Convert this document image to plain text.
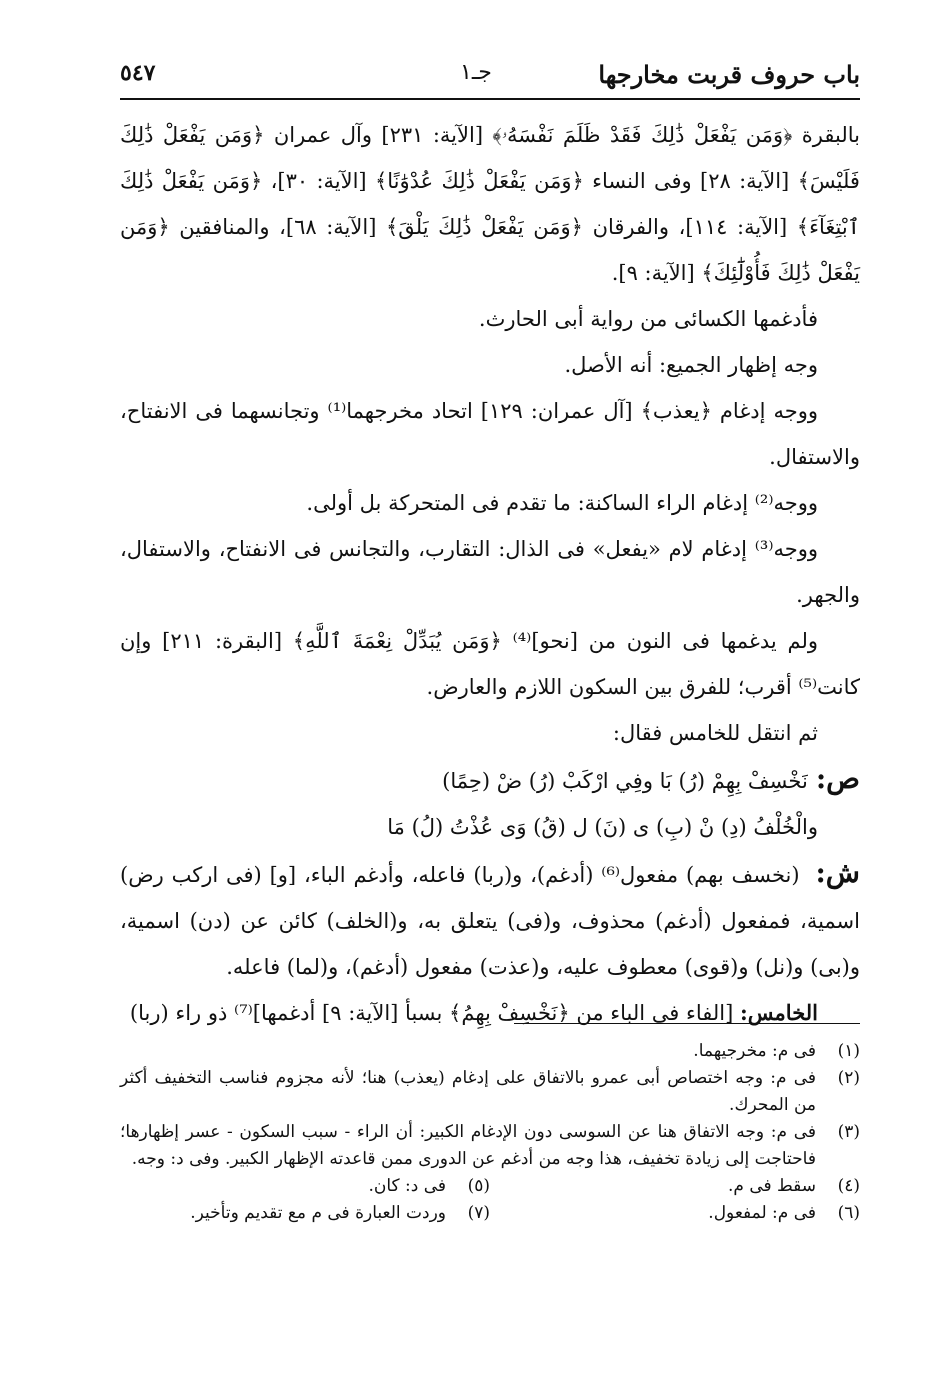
باب حروف قربت مخارجها
جـ١
٥٤٧

بالبقرة ﴿وَمَن يَفْعَلْ ذَٰلِكَ فَقَدْ ظَلَمَ نَفْسَهُۥ﴾ [الآية: ٢٣١] وآل عمران ﴿وَمَن يَفْعَلْ ذَٰلِكَ فَلَيْسَ﴾ [الآية: ٢٨] وفى النساء ﴿وَمَن يَفْعَلْ ذَٰلِكَ عُدْوَٰنًا﴾ [الآية: ٣٠]، ﴿وَمَن يَفْعَلْ ذَٰلِكَ ٱبْتِغَآءَ﴾ [الآية: ١١٤]، والفرقان ﴿وَمَن يَفْعَلْ ذَٰلِكَ يَلْقَ﴾ [الآية: ٦٨]، والمنافقين ﴿وَمَن يَفْعَلْ ذَٰلِكَ فَأُوْلَٰٓئِكَ﴾ [الآية: ٩].

فأدغمها الكسائى من رواية أبى الحارث.

وجه إظهار الجميع: أنه الأصل.

ووجه إدغام ﴿يعذب﴾ [آل عمران: ١٢٩] اتحاد مخرجهما⁽¹⁾ وتجانسهما فى الانفتاح، والاستفال.

ووجه⁽²⁾ إدغام الراء الساكنة: ما تقدم فى المتحركة بل أولى.

ووجه⁽³⁾ إدغام لام «يفعل» فى الذال: التقارب، والتجانس فى الانفتاح، والاستفال، والجهر.

ولم يدغمها فى النون من [نحو]⁽⁴⁾ ﴿وَمَن يُبَدِّلْ نِعْمَةَ ٱللَّهِ﴾ [البقرة: ٢١١] وإن كانت⁽⁵⁾ أقرب؛ للفرق بين السكون اللازم والعارض.

ثم انتقل للخامس فقال:

ص:
نَخْسِفْ بِهِمْ (رُ) بَا وفِي ارْكَبْ (رُ) ضْ (حِمًا)
والْخُلْفُ (دِ) نْ (بِ) ى (نَ) ل (قُ) وَى عُذْتُ (لُ) مَا

ش: (نخسف بهم) مفعول⁽⁶⁾ (أدغم)، و(ربا) فاعله، وأدغم الباء، [و] (فى اركب رض) اسمية، فمفعول (أدغم) محذوف، و(فى) يتعلق به، و(الخلف) كائن عن (دن) اسمية، و(بى) و(نل) و(قوى) معطوف عليه، و(عذت) مفعول (أدغم)، و(لما) فاعله.

الخامس: [الفاء فى الباء من ﴿نَخْسِفْ بِهِمُ﴾ بسبأ [الآية: ٩] أدغمها]⁽⁷⁾ ذو راء (ربا)

(١)
فى م: مخرجيهما.
(٢)
فى م: وجه اختصاص أبى عمرو بالاتفاق على إدغام (يعذب) هنا؛ لأنه مجزوم فناسب التخفيف أكثر من المحرك.
(٣)
فى م: وجه الاتفاق هنا عن السوسى دون الإدغام الكبير: أن الراء - سبب السكون - عسر إظهارها؛ فاحتاجت إلى زيادة تخفيف، هذا وجه من أدغم عن الدورى ممن قاعدته الإظهار الكبير. وفى د: وجه.
(٤)
سقط فى م.
(٥)
فى د: كان.
(٦)
فى م: لمفعول.
(٧)
وردت العبارة فى م مع تقديم وتأخير.
